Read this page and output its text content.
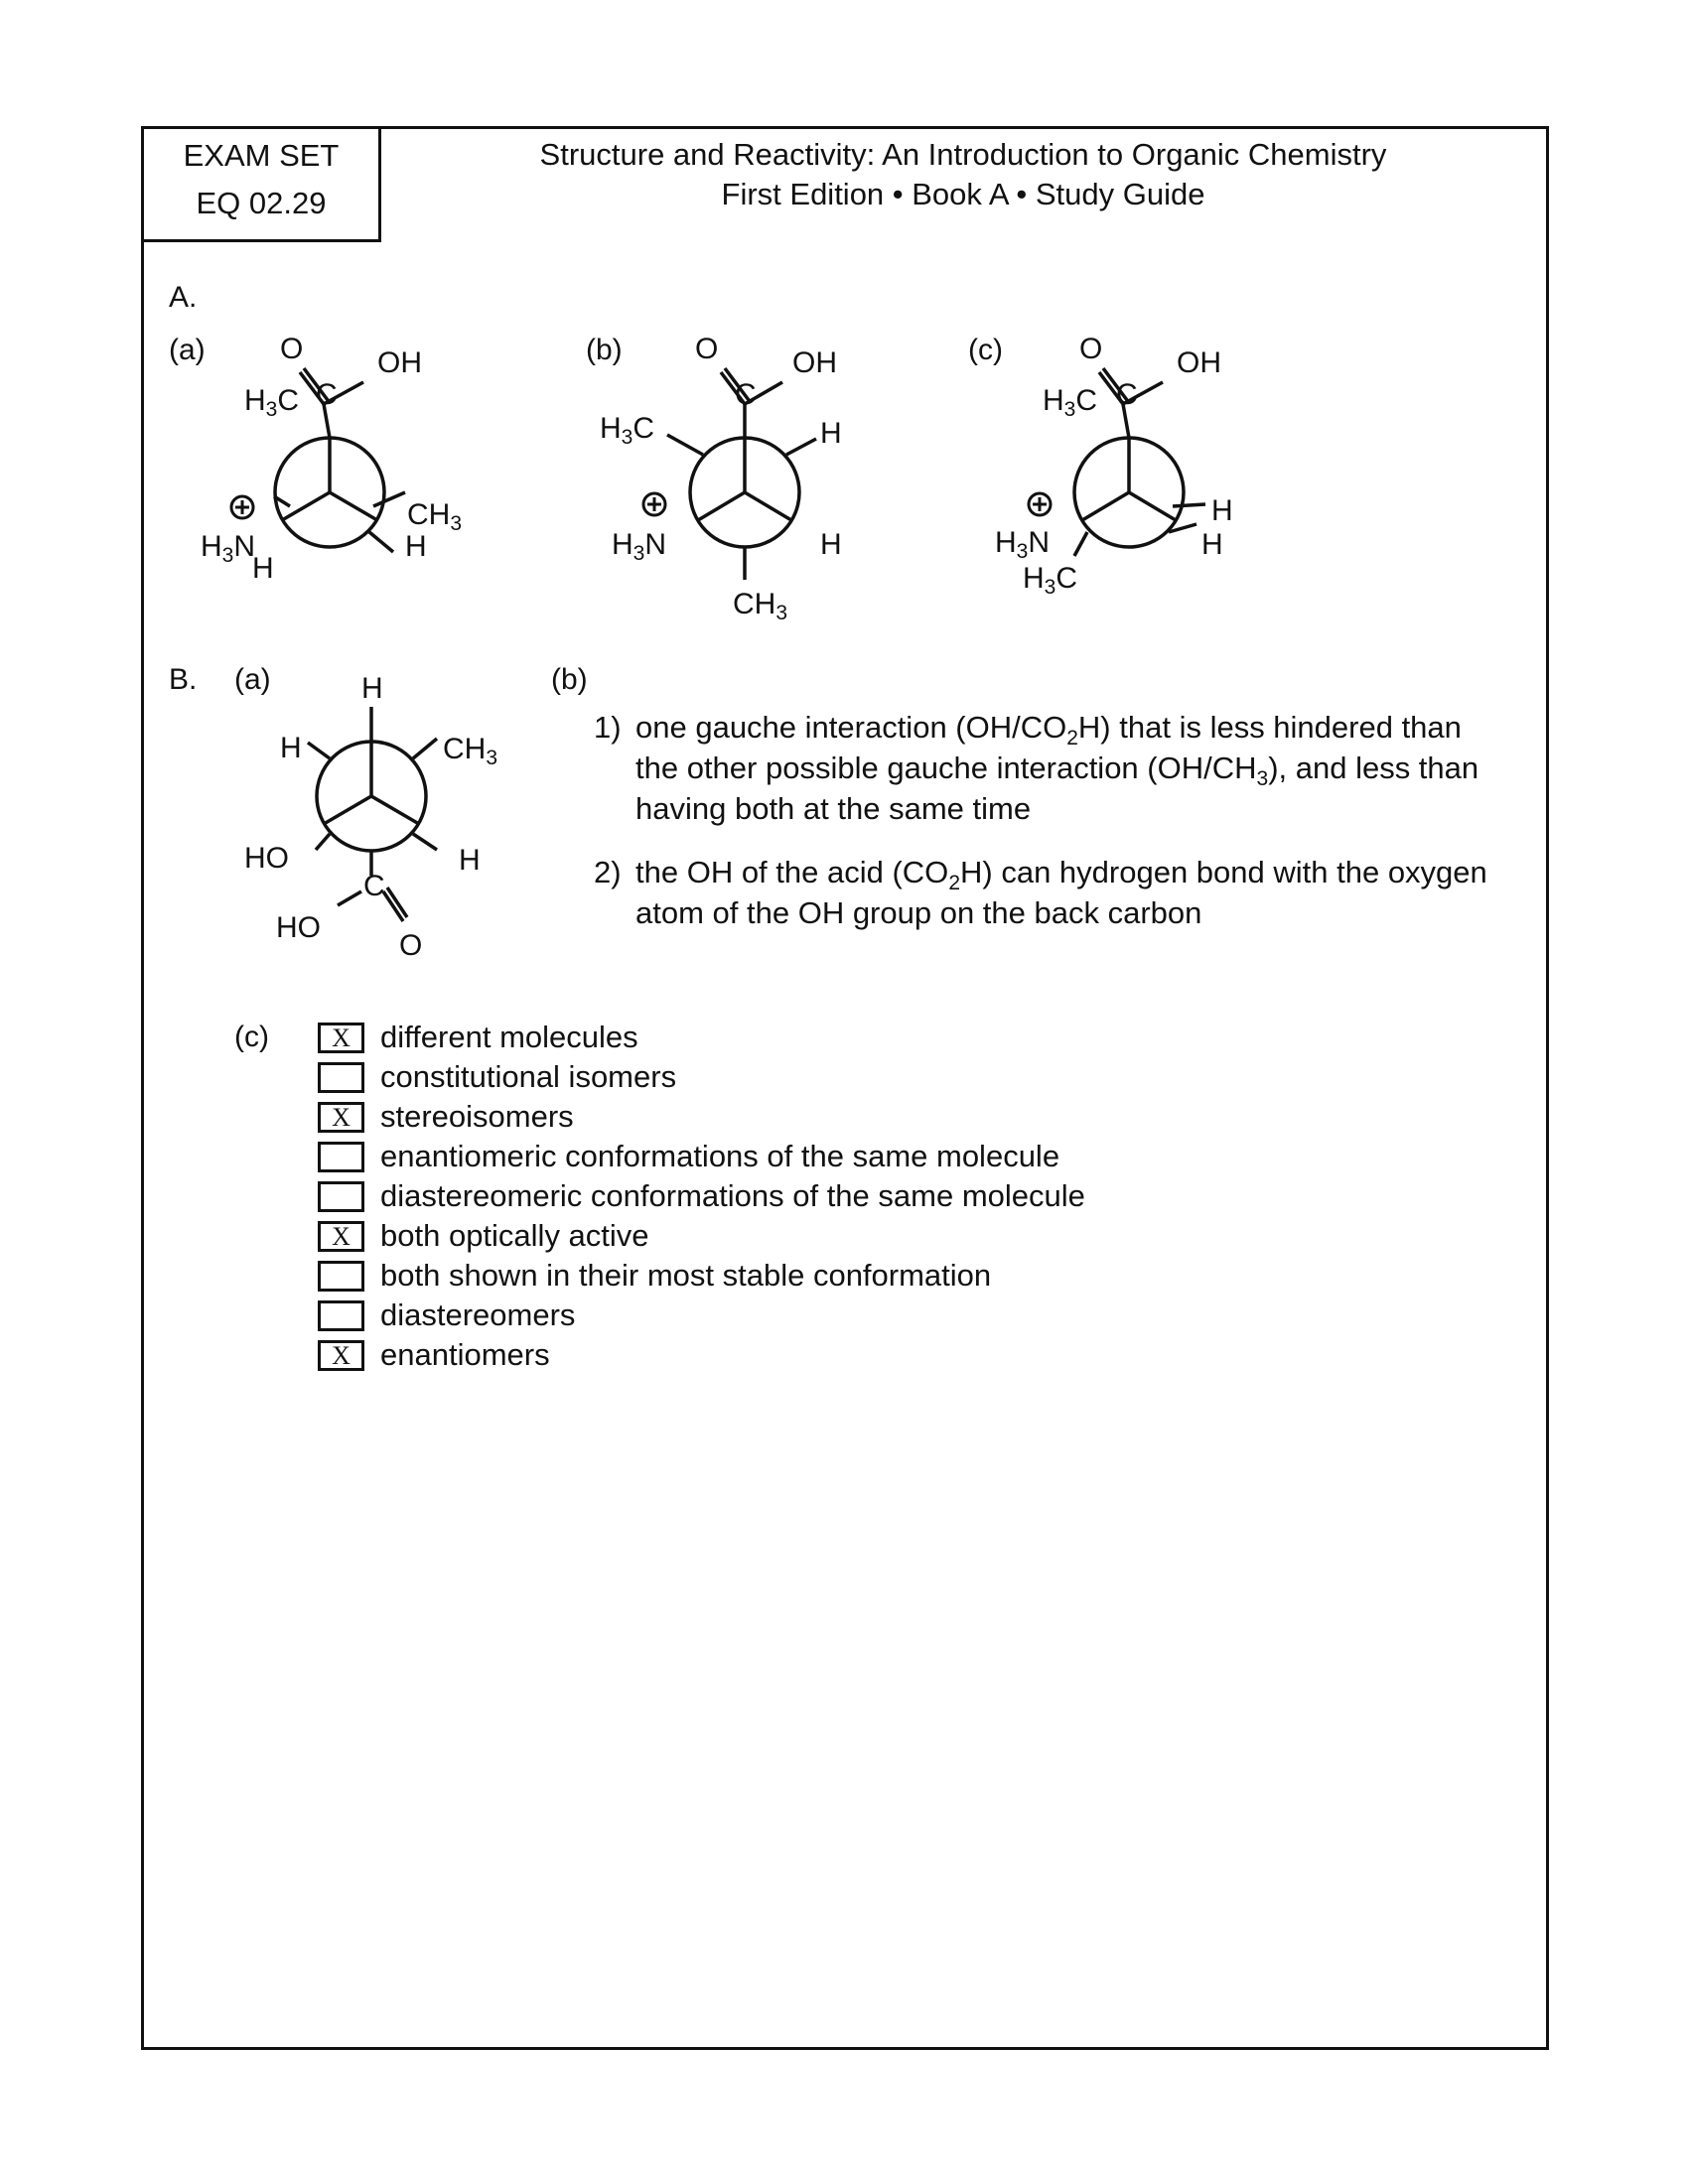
EXAM SET
EQ 02.29
Structure and Reactivity: An Introduction to Organic Chemistry
First Edition • Book A • Study Guide
A.
(a)	(b)	(c)
B. (a)	(b)
(c)
O OH
C
$H_3C$
$CH_3$
H
$H_3N$
H
O OH
C
$H_3C$	H
$H_3N$	H
$CH_3$
O OH
C
$H_3C$
H
H
$H_3N$
$H_3C$
H
H	$CH_3$
HO	H
C
HO
O
1) one gauche interaction $(OH/CO_2H)$ that is less hindered than the other possible gauche interaction $(OH/CH_3)$, and less than having both at the same time
2) the OH of the acid $(CO_2H)$ can hydrogen bond with the oxygen atom of the OH group on the back carbon
X different molecules
constitutional isomers
X stereoisomers
enantiomeric conformations of the same molecule
diastereomeric conformations of the same molecule
X both optically active
both shown in their most stable conformation
diastereomers
X enantiomers
